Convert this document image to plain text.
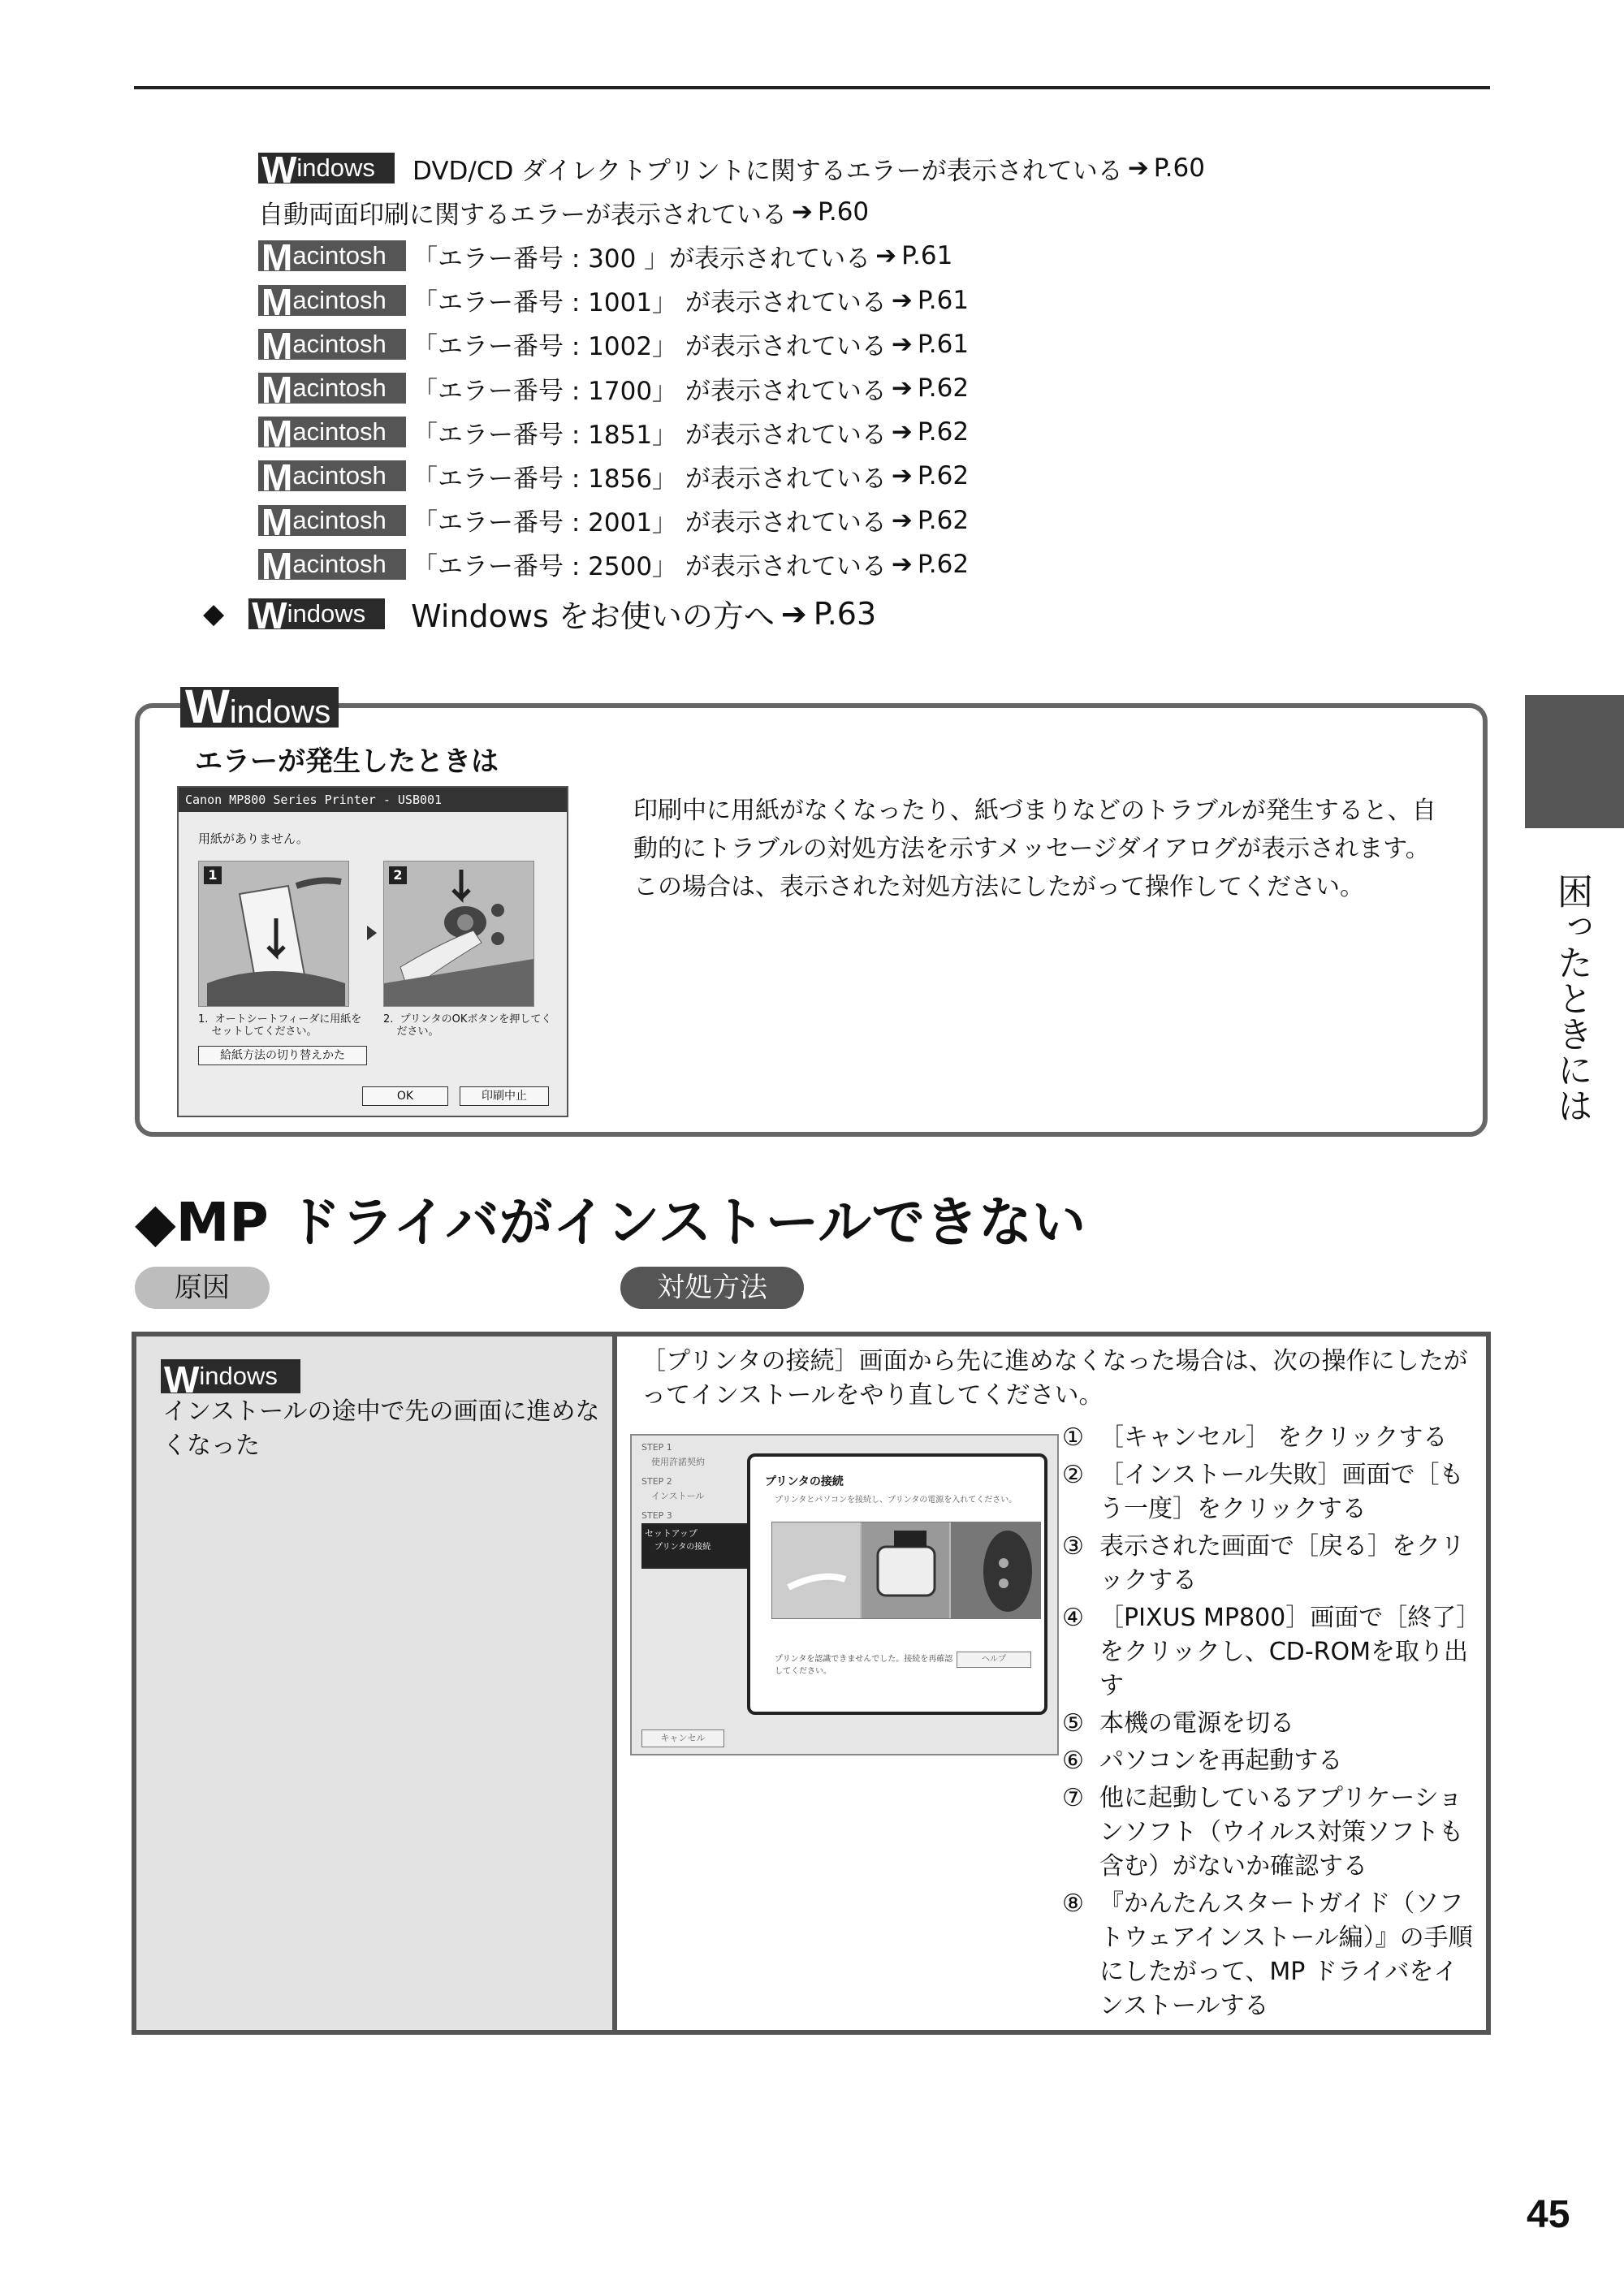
Windows	DVD/CD ダイレクトプリントに関するエラーが表示されている ➔ P.60
自動両面印刷に関するエラーが表示されている ➔ P.60
Macintosh	「エラー番号 : 300 」が表示されている ➔ P.61
Macintosh	「エラー番号 : 1001」 が表示されている ➔ P.61
Macintosh	「エラー番号 : 1002」 が表示されている ➔ P.61
Macintosh	「エラー番号 : 1700」 が表示されている ➔ P.62
Macintosh	「エラー番号 : 1851」 が表示されている ➔ P.62
Macintosh	「エラー番号 : 1856」 が表示されている ➔ P.62
Macintosh	「エラー番号 : 2001」 が表示されている ➔ P.62
Macintosh	「エラー番号 : 2500」 が表示されている ➔ P.62
◆ Windows	Windows をお使いの方へ ➔ P.63
困ったときには
Windows
エラーが発生したときは
印刷中に用紙がなくなったり、紙づまりなどのトラブルが発生すると、自動的にトラブルの対処方法を示すメッセージダイアログが表示されます。この場合は、表示された対処方法にしたがって操作してください。
Canon MP800 Series Printer - USB001
用紙がありません。
1	2
1.  オートシートフィーダに用紙を
セットしてください。
2.  プリンタのOKボタンを押してく
ださい。
給紙方法の切り替えかた
OK	印刷中止
◆MP ドライバがインストールできない
原因	対処方法
Windows
インストールの途中で先の画面に進めなくなった
［プリンタの接続］画面から先に進めなくなった場合は、次の操作にしたがってインストールをやり直してください。
STEP 1
使用許諾契約
STEP 2
インストール
STEP 3
セットアップ
プリンタの接続
プリンタの接続
プリンタとパソコンを接続し、プリンタの電源を入れてください。
プリンタを認識できませんでした。接続を再確認してください。
ヘルプ
キャンセル
① ［キャンセル］ をクリックする
② ［インストール失敗］画面で［もう一度］をクリックする
③ 表示された画面で［戻る］をクリックする
④ ［PIXUS MP800］画面で［終了］をクリックし、CD-ROMを取り出す
⑤ 本機の電源を切る
⑥ パソコンを再起動する
⑦ 他に起動しているアプリケーションソフト（ウイルス対策ソフトも含む）がないか確認する
⑧ 『かんたんスタートガイド（ソフトウェアインストール編）』の手順にしたがって、MP ドライバをインストールする
45
